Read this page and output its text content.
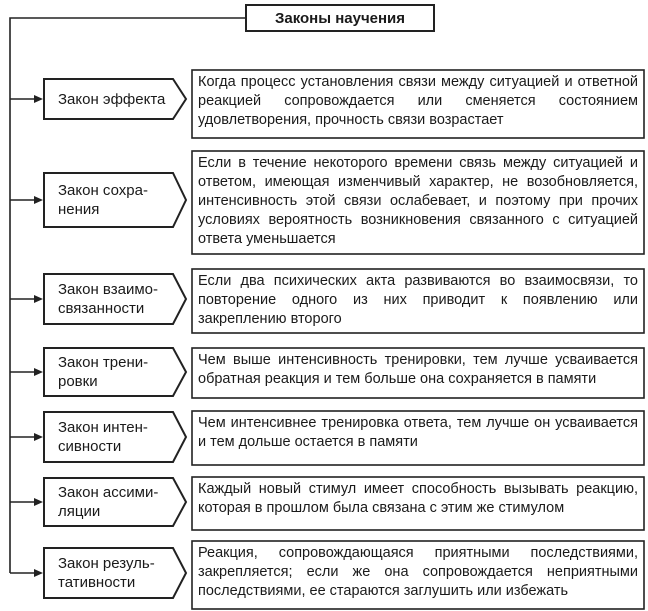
Законы научения
Закон эффекта
Когда процесс установления связи между ситуацией и ответной реакцией сопровождается или сменяется состоянием удовлетворения, прочность связи возрастает
Закон сохра-нения
Если в течение некоторого времени связь между ситуацией и ответом, имеющая изменчивый характер, не возобновляется, интенсивность этой связи ослабевает, и поэтому при прочих условиях вероятность возникновения связанного с ситуацией ответа уменьшается
Закон взаимо-связанности
Если два психических акта развиваются во взаимосвязи, то повторение одного из них приводит к появлению или закреплению второго
Закон трени-ровки
Чем выше интенсивность тренировки, тем лучше усваивается обратная реакция и тем больше она сохраняется в памяти
Закон интен-сивности
Чем интенсивнее тренировка ответа, тем лучше он усваивается и тем дольше остается в памяти
Закон ассими-ляции
Каждый новый стимул имеет способность вызывать реакцию, которая в прошлом была связана с этим же стимулом
Закон резуль-тативности
Реакция, сопровождающаяся приятными последствиями, закрепляется; если же она сопровождается неприятными последствиями, ее стараются заглушить или избежать
